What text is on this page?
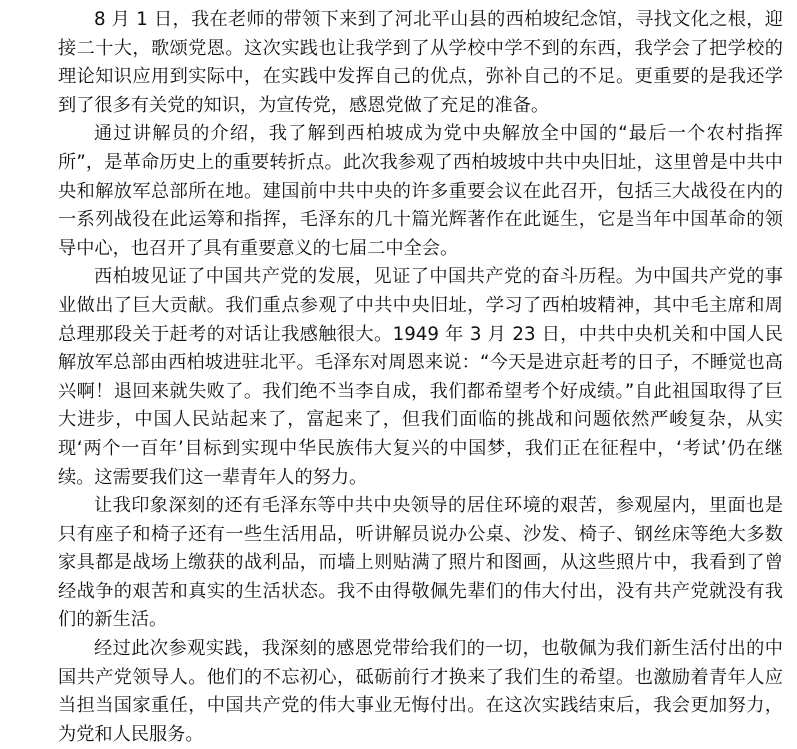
8 月 1 日，我在老师的带领下来到了河北平山县的西柏坡纪念馆，寻找文化之根，迎接二十大，歌颂党恩。这次实践也让我学到了从学校中学不到的东西，我学会了把学校的理论知识应用到实际中，在实践中发挥自己的优点，弥补自己的不足。更重要的是我还学到了很多有关党的知识，为宣传党，感恩党做了充足的准备。

通过讲解员的介绍，我了解到西柏坡成为党中央解放全中国的“最后一个农村指挥所”，是革命历史上的重要转折点。此次我参观了西柏坡坡中共中央旧址，这里曾是中共中央和解放军总部所在地。建国前中共中央的许多重要会议在此召开，包括三大战役在内的一系列战役在此运筹和指挥，毛泽东的几十篇光辉著作在此诞生，它是当年中国革命的领导中心，也召开了具有重要意义的七届二中全会。

西柏坡见证了中国共产党的发展，见证了中国共产党的奋斗历程。为中国共产党的事业做出了巨大贡献。我们重点参观了中共中央旧址，学习了西柏坡精神，其中毛主席和周总理那段关于赶考的对话让我感触很大。1949 年 3 月 23 日，中共中央机关和中国人民解放军总部由西柏坡进驻北平。毛泽东对周恩来说：“今天是进京赶考的日子，不睡觉也高兴啊！退回来就失败了。我们绝不当李自成，我们都希望考个好成绩。”自此祖国取得了巨大进步，中国人民站起来了，富起来了，但我们面临的挑战和问题依然严峻复杂，从实现‘两个一百年’目标到实现中华民族伟大复兴的中国梦，我们正在征程中，‘考试’仍在继续。这需要我们这一辈青年人的努力。

让我印象深刻的还有毛泽东等中共中央领导的居住环境的艰苦，参观屋内，里面也是只有座子和椅子还有一些生活用品，听讲解员说办公桌、沙发、椅子、钢丝床等绝大多数家具都是战场上缴获的战利品，而墙上则贴满了照片和图画，从这些照片中，我看到了曾经战争的艰苦和真实的生活状态。我不由得敬佩先辈们的伟大付出，没有共产党就没有我们的新生活。

经过此次参观实践，我深刻的感恩党带给我们的一切，也敬佩为我们新生活付出的中国共产党领导人。他们的不忘初心，砥砺前行才换来了我们生的希望。也激励着青年人应当担当国家重任，中国共产党的伟大事业无悔付出。在这次实践结束后，我会更加努力，为党和人民服务。
